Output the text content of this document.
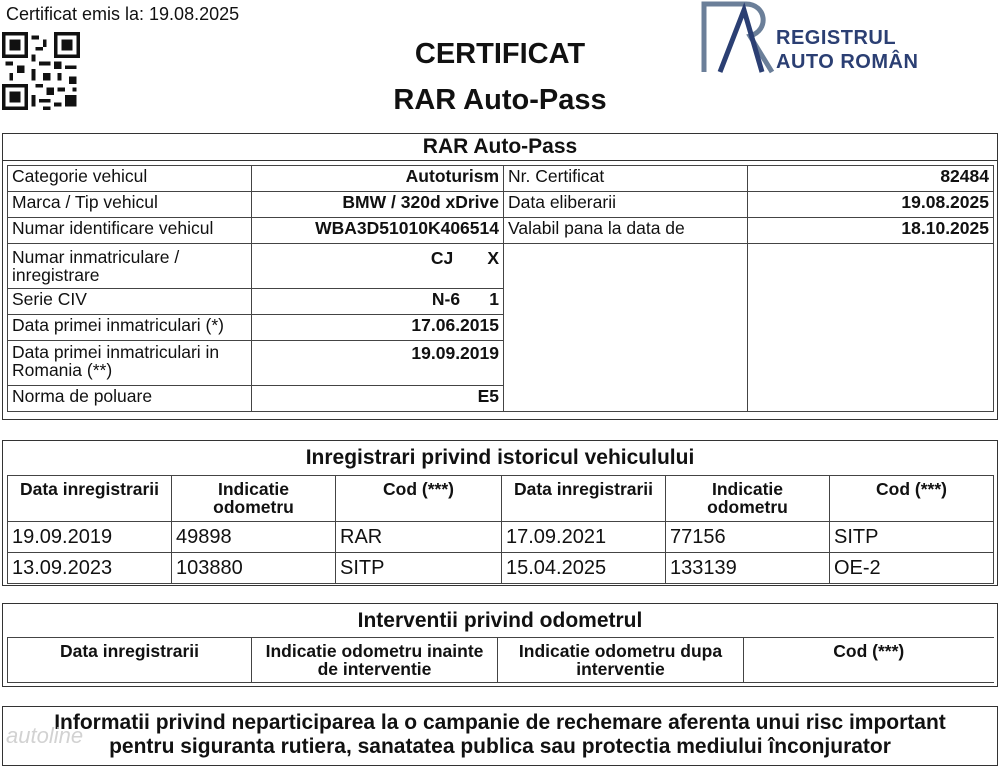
Certificat emis la: 19.08.2025
CERTIFICAT
RAR Auto-Pass
REGISTRUL
AUTO ROMÂN
RAR Auto-Pass
Categorie vehicul	Autoturism
Marca / Tip vehicul	BMW / 320d xDrive
Numar identificare vehicul	WBA3D51010K406514
Numar inmatriculare / inregistrare	CJ       X
Serie CIV	N-6      1
Data primei inmatriculari (*)	17.06.2015
Data primei inmatriculari in Romania (**)	19.09.2019
Norma de poluare	E5
Nr. Certificat	82484
Data eliberarii	19.08.2025
Valabil pana la data de	18.10.2025

Inregistrari privind istoricul vehiculului
Data inregistrarii	Indicatie odometru	Cod (***)	Data inregistrarii	Indicatie odometru	Cod (***)
19.09.2019	49898	RAR	17.09.2021	77156	SITP
13.09.2023	103880	SITP	15.04.2025	133139	OE-2
Interventii privind odometrul
Data inregistrarii	Indicatie odometru inainte de interventie	Indicatie odometru dupa interventie	Cod (***)
Informatii privind neparticiparea la o campanie de rechemare aferenta unui risc important
pentru siguranta rutiera, sanatatea publica sau protectia mediului înconjurator
autoline
